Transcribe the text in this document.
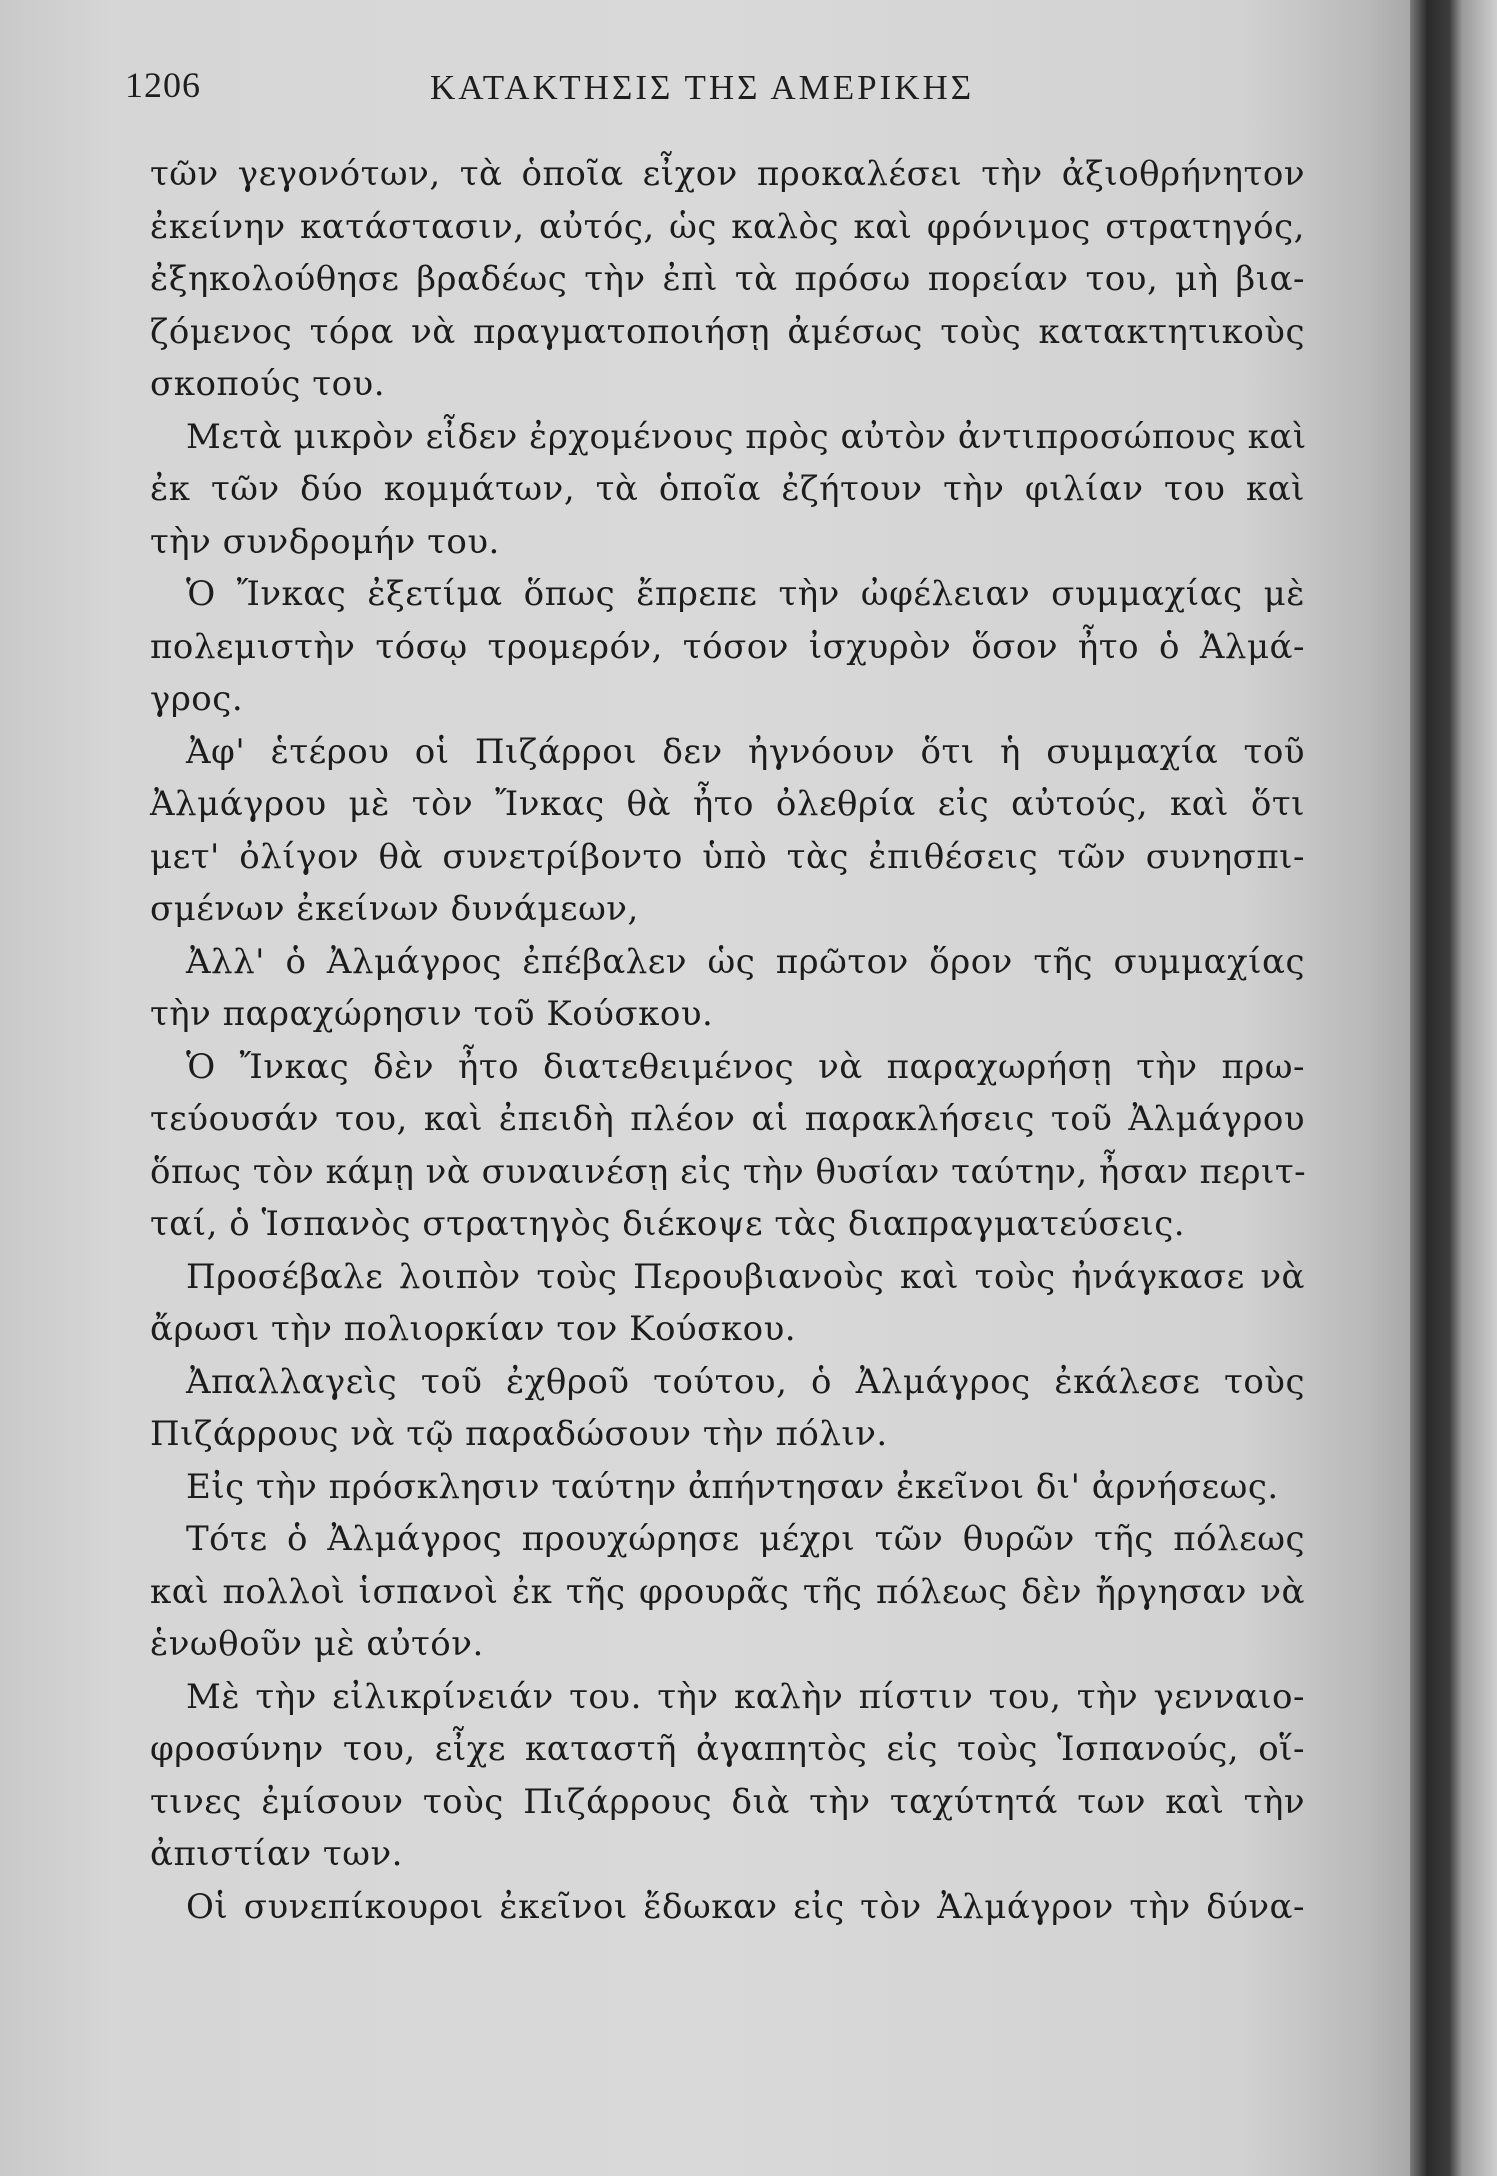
1206	ΚΑΤΑΚΤΗΣΙΣ ΤΗΣ ΑΜΕΡΙΚΗΣ
τῶν γεγονότων, τὰ ὁποῖα εἶχον προκαλέσει τὴν ἀξιοθρήνητον
ἐκείνην κατάστασιν, αὐτός, ὡς καλὸς καὶ φρόνιμος στρατηγός,
ἐξηκολούθησε βραδέως τὴν ἐπὶ τὰ πρόσω πορείαν του, μὴ βια-
ζόμενος τόρα νὰ πραγματοποιήσῃ ἀμέσως τοὺς κατακτητικοὺς
σκοπούς του.
Μετὰ μικρὸν εἶδεν ἐρχομένους πρὸς αὐτὸν ἀντιπροσώπους καὶ
ἐκ τῶν δύο κομμάτων, τὰ ὁποῖα ἐζήτουν τὴν φιλίαν του καὶ
τὴν συνδρομήν του.
Ὁ Ἴνκας ἐξετίμα ὅπως ἔπρεπε τὴν ὠφέλειαν συμμαχίας μὲ
πολεμιστὴν τόσῳ τρομερόν, τόσον ἰσχυρὸν ὅσον ἦτο ὁ Ἀλμά-
γρος.
Ἀφ' ἑτέρου οἱ Πιζάρροι δεν ἠγνόουν ὅτι ἡ συμμαχία τοῦ
Ἀλμάγρου μὲ τὸν Ἴνκας θὰ ἦτο ὀλεθρία εἰς αὐτούς, καὶ ὅτι
μετ' ὀλίγον θὰ συνετρίβοντο ὑπὸ τὰς ἐπιθέσεις τῶν συνησπι-
σμένων ἐκείνων δυνάμεων,
Ἀλλ' ὁ Ἀλμάγρος ἐπέβαλεν ὡς πρῶτον ὅρον τῆς συμμαχίας
τὴν παραχώρησιν τοῦ Κούσκου.
Ὁ Ἴνκας δὲν ἦτο διατεθειμένος νὰ παραχωρήσῃ τὴν πρω-
τεύουσάν του, καὶ ἐπειδὴ πλέον αἱ παρακλήσεις τοῦ Ἀλμάγρου
ὅπως τὸν κάμῃ νὰ συναινέσῃ εἰς τὴν θυσίαν ταύτην, ἦσαν περιτ-
ταί, ὁ Ἱσπανὸς στρατηγὸς διέκοψε τὰς διαπραγματεύσεις.
Προσέβαλε λοιπὸν τοὺς Περουβιανοὺς καὶ τοὺς ἠνάγκασε νὰ
ἄρωσι τὴν πολιορκίαν τον Κούσκου.
Ἀπαλλαγεὶς τοῦ ἐχθροῦ τούτου, ὁ Ἀλμάγρος ἐκάλεσε τοὺς
Πιζάρρους νὰ τῷ παραδώσουν τὴν πόλιν.
Εἰς τὴν πρόσκλησιν ταύτην ἀπήντησαν ἐκεῖνοι δι' ἀρνήσεως.
Τότε ὁ Ἀλμάγρος προυχώρησε μέχρι τῶν θυρῶν τῆς πόλεως
καὶ πολλοὶ ἱσπανοὶ ἐκ τῆς φρουρᾶς τῆς πόλεως δὲν ἤργησαν νὰ
ἑνωθοῦν μὲ αὐτόν.
Μὲ τὴν εἰλικρίνειάν του. τὴν καλὴν πίστιν του, τὴν γενναιο-
φροσύνην του, εἶχε καταστῆ ἀγαπητὸς εἰς τοὺς Ἱσπανούς, οἵ-
τινες ἐμίσουν τοὺς Πιζάρρους διὰ τὴν ταχύτητά των καὶ τὴν
ἀπιστίαν των.
Οἱ συνεπίκουροι ἐκεῖνοι ἔδωκαν εἰς τὸν Ἀλμάγρον τὴν δύνα-
